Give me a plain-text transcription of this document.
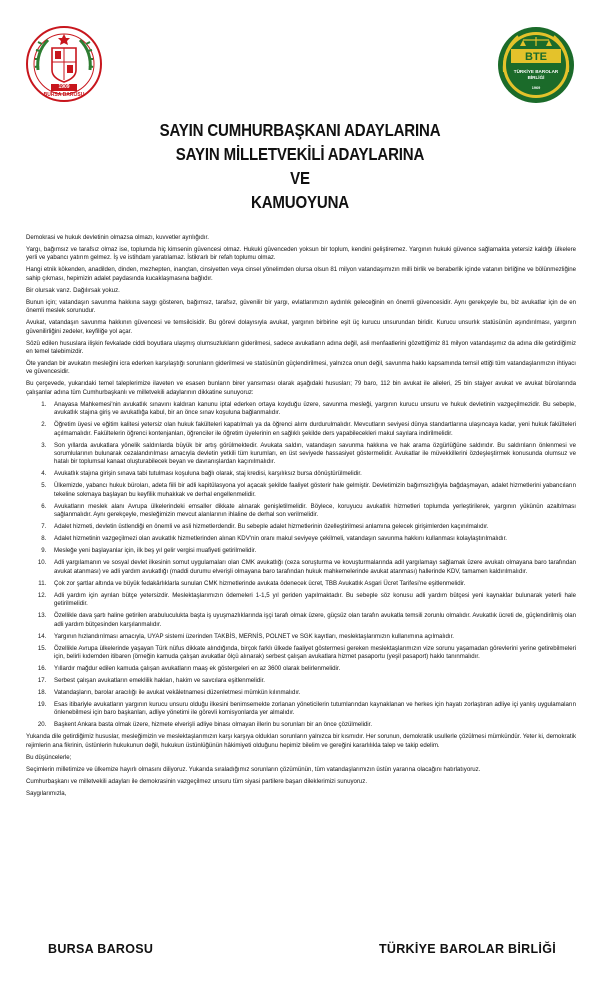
1909
BURSA BAROSU
BTE
TÜRKİYE BAROLAR BİRLİĞİ
1969
SAYIN CUMHURBAŞKANI ADAYLARINA
SAYIN MİLLETVEKİLİ ADAYLARINA
VE
KAMUOYUNA

Demokrasi ve hukuk devletinin olmazsa olmazı, kuvvetler ayrılığıdır.

Yargı, bağımsız ve tarafsız olmaz ise, toplumda hiç kimsenin güvencesi olmaz. Hukuki güvenceden yoksun bir toplum, kendini geliştiremez. Yargının hukuki güvence sağlamakta yetersiz kaldığı ülkelere yerli ve yabancı yatırım gelmez. İş ve istihdam yaratılamaz. İstikrarlı bir refah toplumu olmaz.

Hangi etnik kökenden, anadilden, dinden, mezhepten, inançtan, cinsiyetten veya cinsel yönelimden olursa olsun 81 milyon vatandaşımızın milli birlik ve beraberlik içinde vatanın birliğine ve bölünmezliğine sahip çıkması, hepimizin adalet paydasında kucaklaşmasına bağlıdır.

Bir olursak varız. Dağılırsak yokuz.

Bunun için; vatandaşın savunma hakkına saygı gösteren, bağımsız, tarafsız, güvenilir bir yargı, evlatlarımızın aydınlık geleceğinin en önemli güvencesidir. Aynı gerekçeyle bu, biz avukatlar için de en önemli meslek sorunudur.

Avukat, vatandaşın savunma hakkının güvencesi ve temsilcisidir. Bu görevi dolayısıyla avukat, yargının birbirine eşit üç kurucu unsurundan biridir. Kurucu unsurlık statüsünün aşındırılması, yargının güvenilirliğini zedeler, keyfiliğe yol açar.

Sözü edilen hususlara ilişkin fevkalade ciddi boyutlara ulaşmış olumsuzlukların giderilmesi, sadece avukatların adına değil, asli menfaatlerini gözettiğimiz 81 milyon vatandaşımız da adına dile getirdiğimiz en temel talebimizdir.

Öte yandan bir avukatın mesleğini icra ederken karşılaştığı sorunların giderilmesi ve statüsünün güçlendirilmesi, yalnızca onun değil, savunma hakkı kapsamında temsil ettiği tüm vatandaşlarımızın ihtiyacı ve güvencesidir.

Bu çerçevede, yukarıdaki temel taleplerimize ilaveten ve esasen bunların birer yansıması olarak aşağıdaki hususları; 79 baro, 112 bin avukat ile aileleri, 25 bin stajyer avukat ve avukat bürolarında çalışanlar adına tüm Cumhurbaşkanlı ve milletvekili adaylarının dikkatine sunuyoruz:

1. Anayasa Mahkemesi'nin avukatlık sınavını kaldıran kanunu iptal ederken ortaya koyduğu üzere, savunma mesleği, yargının kurucu unsuru ve hukuk devletinin vazgeçilmezidir. Bu sebeple, avukatlık stajına giriş ve avukatlığa kabul, bir an önce sınav koşuluna bağlanmalıdır.
2. Öğretim üyesi ve eğitim kalitesi yetersiz olan hukuk fakülteleri kapatılmalı ya da öğrenci alımı durdurulmalıdır. Mevcutların seviyesi dünya standartlarına ulaşıncaya kadar, yeni hukuk fakülteleri açılmamalıdır. Fakültelerin öğrenci kontenjanları, öğrenciler ile öğretim üyelerinin en sağlıklı şekilde ders yapabilecekleri makul sayılara indirilmelidir.
3. Son yıllarda avukatlara yönelik saldırılarda büyük bir artış görülmektedir. Avukata saldırı, vatandaşın savunma hakkına ve hak arama özgürlüğüne saldırıdır. Bu saldırıların önlenmesi ve sorumlularının bulunarak cezalandırılması amacıyla devletin yetkili tüm kurumları, en üst seviyede hassasiyet göstermelidir. Avukatlar ile müvekkillerini özdeşleştirmek konusunda olumsuz ve hatalı bir toplumsal kanaat oluşturabilecek beyan ve davranışlardan kaçınılmalıdır.
4. Avukatlık stajına girişin sınava tabi tutulması koşuluna bağlı olarak, staj kredisi, karşılıksız bursa dönüştürülmelidir.
5. Ülkemizde, yabancı hukuk büroları, adeta fiili bir adli kapitülasyona yol açacak şekilde faaliyet gösterir hale gelmiştir. Devletimizin bağımsızlığıyla bağdaşmayan, adalet hizmetlerini yabancıların tekeline sokmaya başlayan bu keyfilik muhakkak ve derhal engellenmelidir.
6. Avukatların meslek alanı Avrupa ülkelerindeki emsaller dikkate alınarak genişletilmelidir. Böylece, koruyucu avukatlık hizmetleri toplumda yerleştirilerek, yargının yükünün azaltılması sağlanmalıdır. Aynı gerekçeyle, mesleğimizin mevcut alanlarının ihlaline de derhal son verilmelidir.
7. Adalet hizmeti, devletin üstlendiği en önemli ve asli hizmetlerdendir. Bu sebeple adalet hizmetlerinin özelleştirilmesi anlamına gelecek girişimlerden kaçınılmalıdır.
8. Adalet hizmetinin vazgeçilmezi olan avukatlık hizmetlerinden alınan KDV'nin oranı makul seviyeye çekilmeli, vatandaşın savunma hakkını kullanması kolaylaştırılmalıdır.
9. Mesleğe yeni başlayanlar için, ilk beş yıl gelir vergisi muafiyeti getirilmelidir.
10. Adli yargılamanın ve sosyal devlet ilkesinin somut uygulamaları olan CMK avukatlığı (ceza soruşturma ve kovuşturmalarında adil yargılamayı sağlamak üzere avukatı olmayana baro tarafından avukat atanması) ve adli yardım avukatlığı (maddi durumu elverişli olmayana baro tarafından hukuk mahkemelerinde avukat atanması) hallerinde KDV, tamamen kaldırılmalıdır.
11. Çok zor şartlar altında ve büyük fedakârlıklarla sunulan CMK hizmetlerinde avukata ödenecek ücret, TBB Avukatlık Asgari Ücret Tarifesi'ne eşitlenmelidir.
12. Adli yardım için ayrılan bütçe yetersizdir. Meslektaşlarımızın ödemeleri 1-1,5 yıl geriden yapılmaktadır. Bu sebeple söz konusu adli yardım bütçesi yeni kaynaklar bulunarak yeterli hale getirilmelidir.
13. Özellikle dava şartı haline getirilen arabuluculukta başta iş uyuşmazlıklarında işçi tarafı olmak üzere, güçsüz olan tarafın avukatla temsili zorunlu olmalıdır. Avukatlık ücreti de, güçlendirilmiş olan adli yardım bütçesinden karşılanmalıdır.
14. Yargının hızlandırılması amacıyla, UYAP sistemi üzerinden TAKBİS, MERNİS, POLNET ve SGK kayıtları, meslektaşlarımızın kullanımına açılmalıdır.
15. Özellikle Avrupa ülkelerinde yaşayan Türk nüfus dikkate alındığında, birçok farklı ülkede faaliyet göstermesi gereken meslektaşlarımızın vize sorunu yaşamadan görevlerini yerine getirebilmeleri için, belirli kıdemden itibaren (örneğin kamuda çalışan avukatlar ölçü alınarak) serbest çalışan avukatlara hizmet pasaportu (yeşil pasaport) hakkı tanınmalıdır.
16. Yıllardır mağdur edilen kamuda çalışan avukatların maaş ek göstergeleri en az 3600 olarak belirlenmelidir.
17. Serbest çalışan avukatların emeklilik hakları, hakim ve savcılara eşitlenmelidir.
18. Vatandaşların, barolar aracılığı ile avukat vekâletnamesi düzenletmesi mümkün kılınmalıdır.
19. Esas itibariyle avukatların yargının kurucu unsuru olduğu ilkesini benimsemekte zorlanan yöneticilerin tutumlarından kaynaklanan ve herkes için hayatı zorlaştıran adliye içi yanlış uygulamaların önlenebilmesi için baro başkanları, adliye yönetimi ile görevli komisyonlarda yer almalıdır.
20. Başkent Ankara basta olmak üzere, hizmete elverişli adliye binası olmayan illerin bu sorunları bir an önce çözülmelidir.

Yukarıda dile getirdiğimiz hususlar, mesleğimizin ve meslektaşlarımızın karşı karşıya oldukları sorunların yalnızca bir kısmıdır. Her sorunun, demokratik usullerle çözülmesi mümkündür. Yeter ki, demokratik rejimlerin ana fikrinin, üstünlerin hukukunun değil, hukukun üstünlüğünün hâkimiyeti olduğunu hepimiz bilelim ve gereğini kararlılıkla talep ve takip edelim.

Bu düşüncelerle;

Seçimlerin milletimize ve ülkemize hayırlı olmasını diliyoruz. Yukarıda sıraladığımız sorunların çözümünün, tüm vatandaşlarımızın üstün yararına olacağını hatırlatıyoruz.

Cumhurbaşkanı ve milletvekili adayları ile demokrasinin vazgeçilmez unsuru tüm siyasi partilere başarı dileklerimizi sunuyoruz.

Saygılarımızla,

BURSA BAROSU	TÜRKİYE BAROLAR BİRLİĞİ
